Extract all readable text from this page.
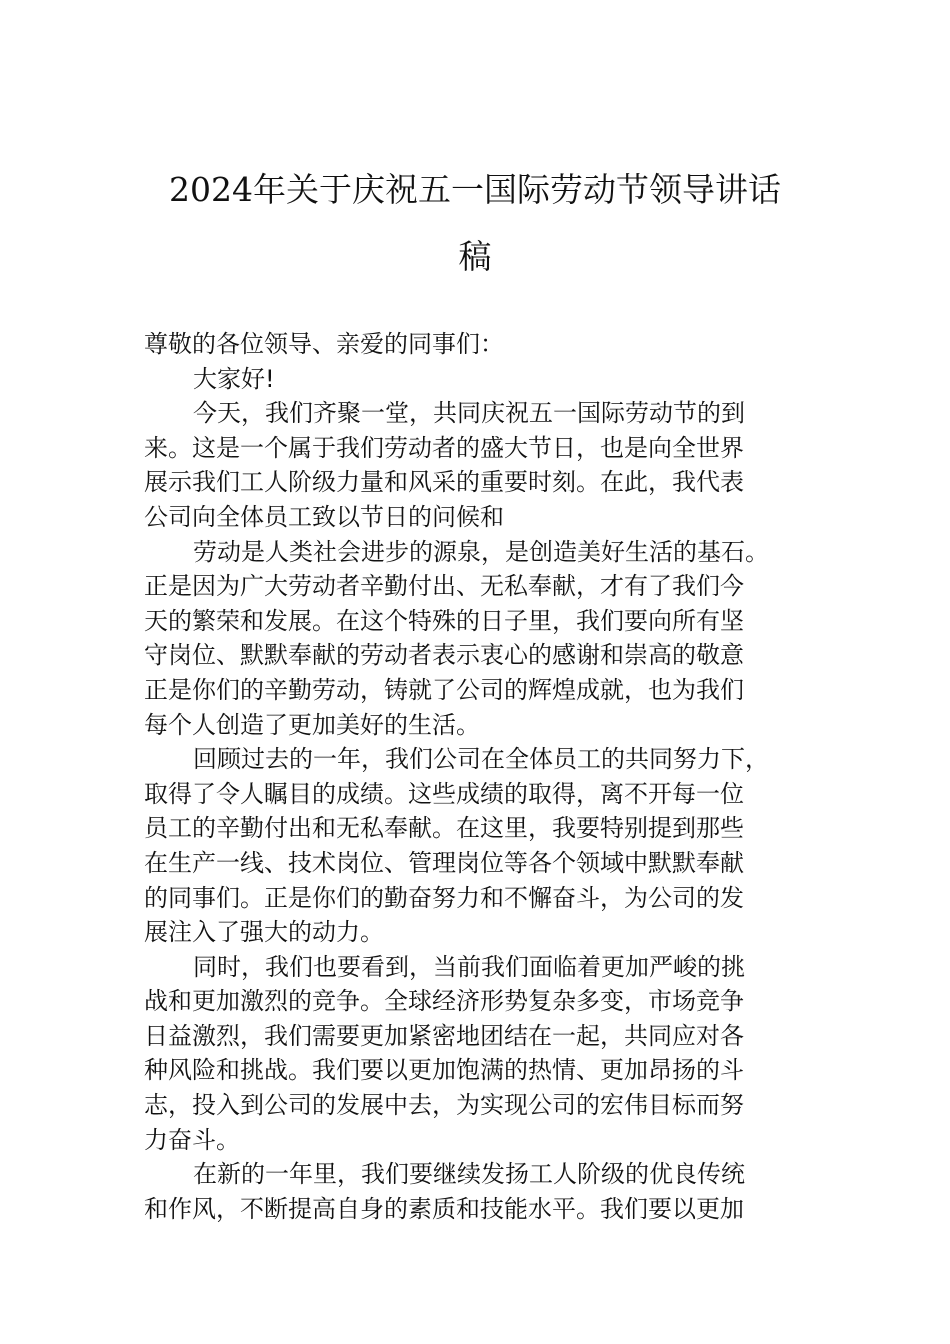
2024年关于庆祝五一国际劳动节领导讲话
稿
尊敬的各位领导、亲爱的同事们：
大家好!
今天，我们齐聚一堂，共同庆祝五一国际劳动节的到
来。这是一个属于我们劳动者的盛大节日，也是向全世界
展示我们工人阶级力量和风采的重要时刻。在此，我代表
公司向全体员工致以节日的问候和
劳动是人类社会进步的源泉，是创造美好生活的基石。
正是因为广大劳动者辛勤付出、无私奉献，才有了我们今
天的繁荣和发展。在这个特殊的日子里，我们要向所有坚
守岗位、默默奉献的劳动者表示衷心的感谢和崇高的敬意
正是你们的辛勤劳动，铸就了公司的辉煌成就，也为我们
每个人创造了更加美好的生活。
回顾过去的一年，我们公司在全体员工的共同努力下，
取得了令人瞩目的成绩。这些成绩的取得，离不开每一位
员工的辛勤付出和无私奉献。在这里，我要特别提到那些
在生产一线、技术岗位、管理岗位等各个领域中默默奉献
的同事们。正是你们的勤奋努力和不懈奋斗，为公司的发
展注入了强大的动力。
同时，我们也要看到，当前我们面临着更加严峻的挑
战和更加激烈的竞争。全球经济形势复杂多变，市场竞争
日益激烈，我们需要更加紧密地团结在一起，共同应对各
种风险和挑战。我们要以更加饱满的热情、更加昂扬的斗
志，投入到公司的发展中去，为实现公司的宏伟目标而努
力奋斗。
在新的一年里，我们要继续发扬工人阶级的优良传统
和作风，不断提高自身的素质和技能水平。我们要以更加
